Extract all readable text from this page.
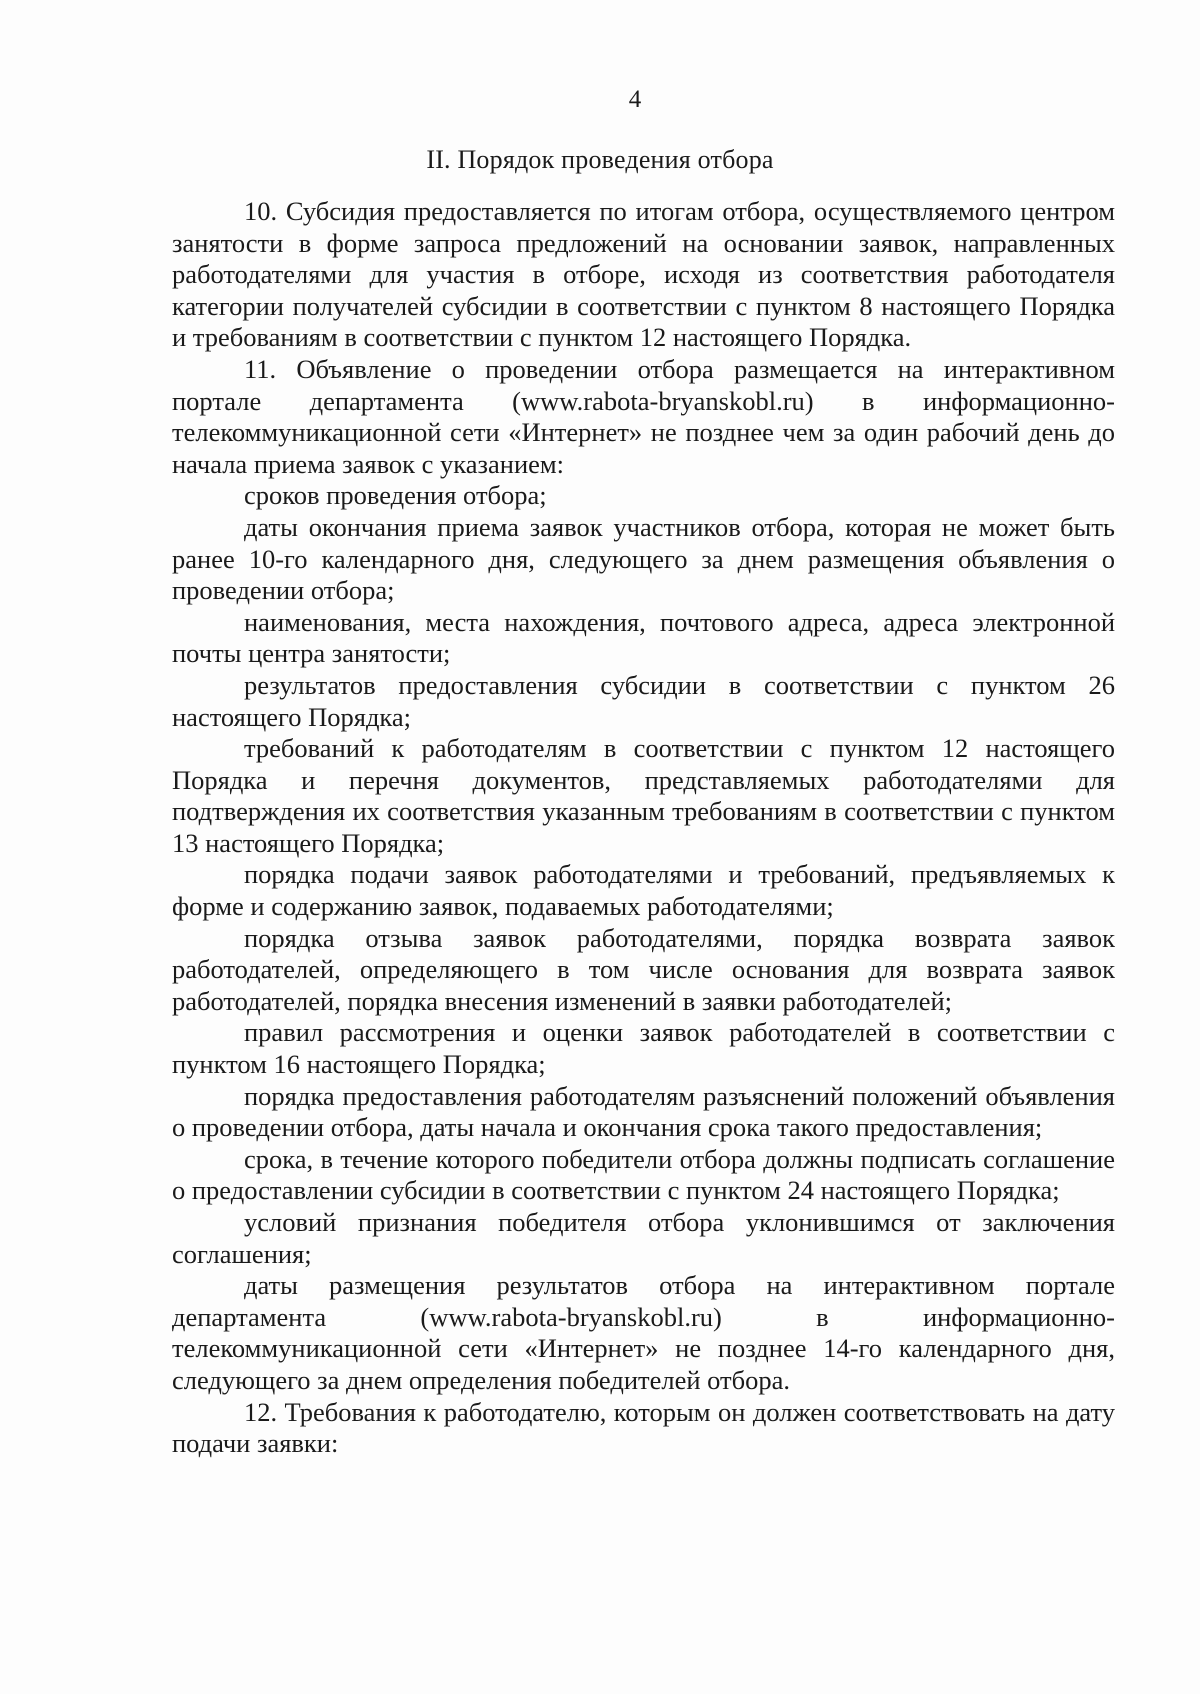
4
II. Порядок проведения отбора

10. Субсидия предоставляется по итогам отбора, осуществляемого центром занятости в форме запроса предложений на основании заявок, направленных работодателями для участия в отборе, исходя из соответствия работодателя категории получателей субсидии в соответствии с пунктом 8 настоящего Порядка и требованиям в соответствии с пунктом 12 настоящего Порядка.

11. Объявление о проведении отбора размещается на интерактивном портале департамента (www.rabota-bryanskobl.ru) в информационно-телекоммуникационной сети «Интернет» не позднее чем за один рабочий день до начала приема заявок с указанием:

сроков проведения отбора;

даты окончания приема заявок участников отбора, которая не может быть ранее 10-го календарного дня, следующего за днем размещения объявления о проведении отбора;

наименования, места нахождения, почтового адреса, адреса электронной почты центра занятости;

результатов предоставления субсидии в соответствии с пунктом 26 настоящего Порядка;

требований к работодателям в соответствии с пунктом 12 настоящего Порядка и перечня документов, представляемых работодателями для подтверждения их соответствия указанным требованиям в соответствии с пунктом 13 настоящего Порядка;

порядка подачи заявок работодателями и требований, предъявляемых к форме и содержанию заявок, подаваемых работодателями;

порядка отзыва заявок работодателями, порядка возврата заявок работодателей, определяющего в том числе основания для возврата заявок работодателей, порядка внесения изменений в заявки работодателей;

правил рассмотрения и оценки заявок работодателей в соответствии с пунктом 16 настоящего Порядка;

порядка предоставления работодателям разъяснений положений объявления о проведении отбора, даты начала и окончания срока такого предоставления;

срока, в течение которого победители отбора должны подписать соглашение о предоставлении субсидии в соответствии с пунктом 24 настоящего Порядка;

условий признания победителя отбора уклонившимся от заключения соглашения;

даты размещения результатов отбора на интерактивном портале департамента (www.rabota-bryanskobl.ru) в информационно-телекоммуникационной сети «Интернет» не позднее 14-го календарного дня, следующего за днем определения победителей отбора.

12. Требования к работодателю, которым он должен соответствовать на дату подачи заявки:
